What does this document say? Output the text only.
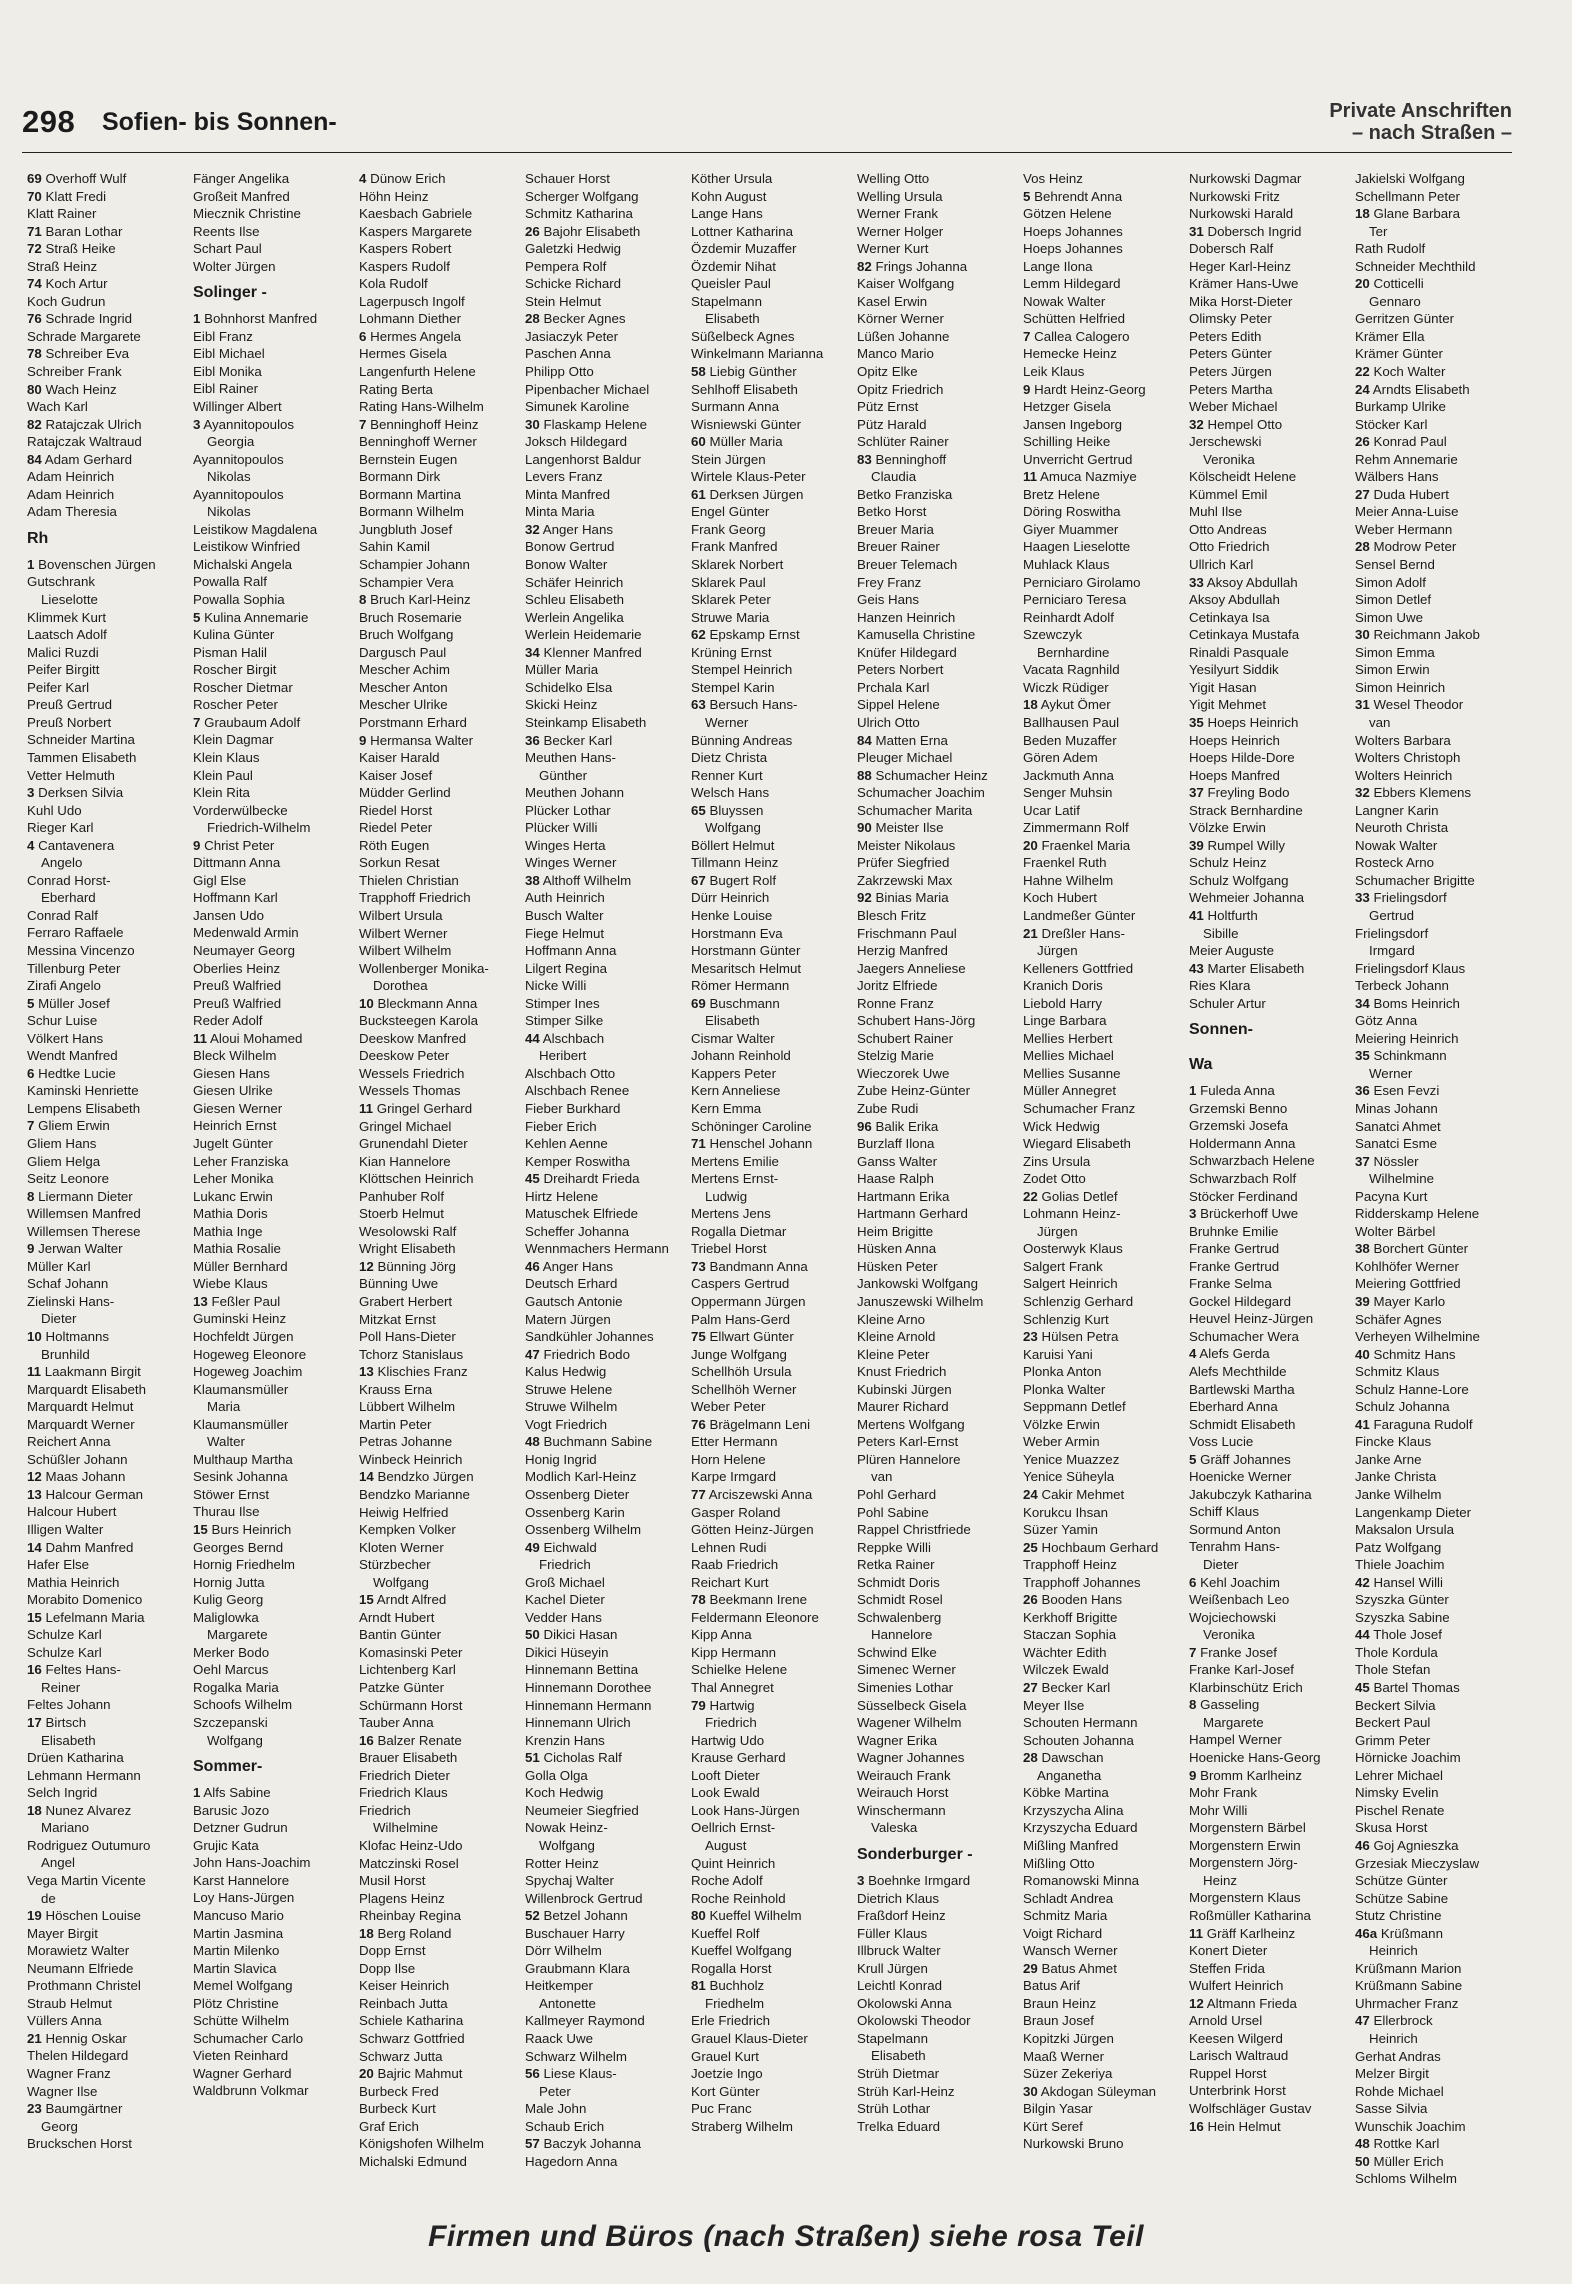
298 Sofien- bis Sonnen-	Private Anschriften
– nach Straßen –
69 Overhoff Wulf
70 Klatt Fredi
Klatt Rainer
71 Baran Lothar
72 Straß Heike
Straß Heinz
74 Koch Artur
Koch Gudrun
76 Schrade Ingrid
Schrade Margarete
78 Schreiber Eva
Schreiber Frank
80 Wach Heinz
Wach Karl
82 Ratajczak Ulrich
Ratajczak Waltraud
84 Adam Gerhard
Adam Heinrich
Adam Heinrich
Adam Theresia
Rh
1 Bovenschen Jürgen
Gutschrank
Lieselotte
Klimmek Kurt
Laatsch Adolf
Malici Ruzdi
Peifer Birgitt
Peifer Karl
Preuß Gertrud
Preuß Norbert
Schneider Martina
Tammen Elisabeth
Vetter Helmuth
3 Derksen Silvia
Kuhl Udo
Rieger Karl
4 Cantavenera
Angelo
Conrad Horst-
Eberhard
Conrad Ralf
Ferraro Raffaele
Messina Vincenzo
Tillenburg Peter
Zirafi Angelo
5 Müller Josef
Schur Luise
Völkert Hans
Wendt Manfred
6 Hedtke Lucie
Kaminski Henriette
Lempens Elisabeth
7 Gliem Erwin
Gliem Hans
Gliem Helga
Seitz Leonore
8 Liermann Dieter
Willemsen Manfred
Willemsen Therese
9 Jerwan Walter
Müller Karl
Schaf Johann
Zielinski Hans-
Dieter
10 Holtmanns
Brunhild
11 Laakmann Birgit
Marquardt Elisabeth
Marquardt Helmut
Marquardt Werner
Reichert Anna
Schüßler Johann
12 Maas Johann
13 Halcour German
Halcour Hubert
Illigen Walter
14 Dahm Manfred
Hafer Else
Mathia Heinrich
Morabito Domenico
15 Lefelmann Maria
Schulze Karl
Schulze Karl
16 Feltes Hans-
Reiner
Feltes Johann
17 Birtsch
Elisabeth
Drüen Katharina
Lehmann Hermann
Selch Ingrid
18 Nunez Alvarez
Mariano
Rodriguez Outumuro
Angel
Vega Martin Vicente
de
19 Höschen Louise
Mayer Birgit
Morawietz Walter
Neumann Elfriede
Prothmann Christel
Straub Helmut
Vüllers Anna
21 Hennig Oskar
Thelen Hildegard
Wagner Franz
Wagner Ilse
23 Baumgärtner
Georg
Bruckschen Horst
Fänger Angelika
Großeit Manfred
Miecznik Christine
Reents Ilse
Schart Paul
Wolter Jürgen
Solinger -
1 Bohnhorst Manfred
Eibl Franz
Eibl Michael
Eibl Monika
Eibl Rainer
Willinger Albert
3 Ayannitopoulos
Georgia
Ayannitopoulos
Nikolas
Ayannitopoulos
Nikolas
Leistikow Magdalena
Leistikow Winfried
Michalski Angela
Powalla Ralf
Powalla Sophia
5 Kulina Annemarie
Kulina Günter
Pisman Halil
Roscher Birgit
Roscher Dietmar
Roscher Peter
7 Graubaum Adolf
Klein Dagmar
Klein Klaus
Klein Paul
Klein Rita
Vorderwülbecke
Friedrich-Wilhelm
9 Christ Peter
Dittmann Anna
Gigl Else
Hoffmann Karl
Jansen Udo
Medenwald Armin
Neumayer Georg
Oberlies Heinz
Preuß Walfried
Preuß Walfried
Reder Adolf
11 Aloui Mohamed
Bleck Wilhelm
Giesen Hans
Giesen Ulrike
Giesen Werner
Heinrich Ernst
Jugelt Günter
Leher Franziska
Leher Monika
Lukanc Erwin
Mathia Doris
Mathia Inge
Mathia Rosalie
Müller Bernhard
Wiebe Klaus
13 Feßler Paul
Guminski Heinz
Hochfeldt Jürgen
Hogeweg Eleonore
Hogeweg Joachim
Klaumansmüller
Maria
Klaumansmüller
Walter
Multhaup Martha
Sesink Johanna
Stöwer Ernst
Thurau Ilse
15 Burs Heinrich
Georges Bernd
Hornig Friedhelm
Hornig Jutta
Kulig Georg
Maliglowka
Margarete
Merker Bodo
Oehl Marcus
Rogalka Maria
Schoofs Wilhelm
Szczepanski
Wolfgang
Sommer-
1 Alfs Sabine
Barusic Jozo
Detzner Gudrun
Grujic Kata
John Hans-Joachim
Karst Hannelore
Loy Hans-Jürgen
Mancuso Mario
Martin Jasmina
Martin Milenko
Martin Slavica
Memel Wolfgang
Plötz Christine
Schütte Wilhelm
Schumacher Carlo
Vieten Reinhard
Wagner Gerhard
Waldbrunn Volkmar
4 Dünow Erich
Höhn Heinz
Kaesbach Gabriele
Kaspers Margarete
Kaspers Robert
Kaspers Rudolf
Kola Rudolf
Lagerpusch Ingolf
Lohmann Diether
6 Hermes Angela
Hermes Gisela
Langenfurth Helene
Rating Berta
Rating Hans-Wilhelm
7 Benninghoff Heinz
Benninghoff Werner
Bernstein Eugen
Bormann Dirk
Bormann Martina
Bormann Wilhelm
Jungbluth Josef
Sahin Kamil
Schampier Johann
Schampier Vera
8 Bruch Karl-Heinz
Bruch Rosemarie
Bruch Wolfgang
Dargusch Paul
Mescher Achim
Mescher Anton
Mescher Ulrike
Porstmann Erhard
9 Hermansa Walter
Kaiser Harald
Kaiser Josef
Müdder Gerlind
Riedel Horst
Riedel Peter
Röth Eugen
Sorkun Resat
Thielen Christian
Trapphoff Friedrich
Wilbert Ursula
Wilbert Werner
Wilbert Wilhelm
Wollenberger Monika-
Dorothea
10 Bleckmann Anna
Bucksteegen Karola
Deeskow Manfred
Deeskow Peter
Wessels Friedrich
Wessels Thomas
11 Gringel Gerhard
Gringel Michael
Grunendahl Dieter
Kian Hannelore
Klöttschen Heinrich
Panhuber Rolf
Stoerb Helmut
Wesolowski Ralf
Wright Elisabeth
12 Bünning Jörg
Bünning Uwe
Grabert Herbert
Mitzkat Ernst
Poll Hans-Dieter
Tchorz Stanislaus
13 Klischies Franz
Krauss Erna
Lübbert Wilhelm
Martin Peter
Petras Johanne
Winbeck Heinrich
14 Bendzko Jürgen
Bendzko Marianne
Heiwig Helfried
Kempken Volker
Kloten Werner
Stürzbecher
Wolfgang
15 Arndt Alfred
Arndt Hubert
Bantin Günter
Komasinski Peter
Lichtenberg Karl
Patzke Günter
Schürmann Horst
Tauber Anna
16 Balzer Renate
Brauer Elisabeth
Friedrich Dieter
Friedrich Klaus
Friedrich
Wilhelmine
Klofac Heinz-Udo
Matczinski Rosel
Musil Horst
Plagens Heinz
Rheinbay Regina
18 Berg Roland
Dopp Ernst
Dopp Ilse
Keiser Heinrich
Reinbach Jutta
Schiele Katharina
Schwarz Gottfried
Schwarz Jutta
20 Bajric Mahmut
Burbeck Fred
Burbeck Kurt
Graf Erich
Königshofen Wilhelm
Michalski Edmund
Schauer Horst
Scherger Wolfgang
Schmitz Katharina
26 Bajohr Elisabeth
Galetzki Hedwig
Pempera Rolf
Schicke Richard
Stein Helmut
28 Becker Agnes
Jasiaczyk Peter
Paschen Anna
Philipp Otto
Pipenbacher Michael
Simunek Karoline
30 Flaskamp Helene
Joksch Hildegard
Langenhorst Baldur
Levers Franz
Minta Manfred
Minta Maria
32 Anger Hans
Bonow Gertrud
Bonow Walter
Schäfer Heinrich
Schleu Elisabeth
Werlein Angelika
Werlein Heidemarie
34 Klenner Manfred
Müller Maria
Schidelko Elsa
Skicki Heinz
Steinkamp Elisabeth
36 Becker Karl
Meuthen Hans-
Günther
Meuthen Johann
Plücker Lothar
Plücker Willi
Winges Herta
Winges Werner
38 Althoff Wilhelm
Auth Heinrich
Busch Walter
Fiege Helmut
Hoffmann Anna
Lilgert Regina
Nicke Willi
Stimper Ines
Stimper Silke
44 Alschbach
Heribert
Alschbach Otto
Alschbach Renee
Fieber Burkhard
Fieber Erich
Kehlen Aenne
Kemper Roswitha
45 Dreihardt Frieda
Hirtz Helene
Matuschek Elfriede
Scheffer Johanna
Wennmachers Hermann
46 Anger Hans
Deutsch Erhard
Gautsch Antonie
Matern Jürgen
Sandkühler Johannes
47 Friedrich Bodo
Kalus Hedwig
Struwe Helene
Struwe Wilhelm
Vogt Friedrich
48 Buchmann Sabine
Honig Ingrid
Modlich Karl-Heinz
Ossenberg Dieter
Ossenberg Karin
Ossenberg Wilhelm
49 Eichwald
Friedrich
Groß Michael
Kachel Dieter
Vedder Hans
50 Dikici Hasan
Dikici Hüseyin
Hinnemann Bettina
Hinnemann Dorothee
Hinnemann Hermann
Hinnemann Ulrich
Krenzin Hans
51 Cicholas Ralf
Golla Olga
Koch Hedwig
Neumeier Siegfried
Nowak Heinz-
Wolfgang
Rotter Heinz
Spychaj Walter
Willenbrock Gertrud
52 Betzel Johann
Buschauer Harry
Dörr Wilhelm
Graubmann Klara
Heitkemper
Antonette
Kallmeyer Raymond
Raack Uwe
Schwarz Wilhelm
56 Liese Klaus-
Peter
Male John
Schaub Erich
57 Baczyk Johanna
Hagedorn Anna
Köther Ursula
Kohn August
Lange Hans
Lottner Katharina
Özdemir Muzaffer
Özdemir Nihat
Queisler Paul
Stapelmann
Elisabeth
Süßelbeck Agnes
Winkelmann Marianna
58 Liebig Günther
Sehlhoff Elisabeth
Surmann Anna
Wisniewski Günter
60 Müller Maria
Stein Jürgen
Wirtele Klaus-Peter
61 Derksen Jürgen
Engel Günter
Frank Georg
Frank Manfred
Sklarek Norbert
Sklarek Paul
Sklarek Peter
Struwe Maria
62 Epskamp Ernst
Krüning Ernst
Stempel Heinrich
Stempel Karin
63 Bersuch Hans-
Werner
Bünning Andreas
Dietz Christa
Renner Kurt
Welsch Hans
65 Bluyssen
Wolfgang
Böllert Helmut
Tillmann Heinz
67 Bugert Rolf
Dürr Heinrich
Henke Louise
Horstmann Eva
Horstmann Günter
Mesaritsch Helmut
Römer Hermann
69 Buschmann
Elisabeth
Cismar Walter
Johann Reinhold
Kappers Peter
Kern Anneliese
Kern Emma
Schöninger Caroline
71 Henschel Johann
Mertens Emilie
Mertens Ernst-
Ludwig
Mertens Jens
Rogalla Dietmar
Triebel Horst
73 Bandmann Anna
Caspers Gertrud
Oppermann Jürgen
Palm Hans-Gerd
75 Ellwart Günter
Junge Wolfgang
Schellhöh Ursula
Schellhöh Werner
Weber Peter
76 Brägelmann Leni
Etter Hermann
Horn Helene
Karpe Irmgard
77 Arciszewski Anna
Gasper Roland
Götten Heinz-Jürgen
Lehnen Rudi
Raab Friedrich
Reichart Kurt
78 Beekmann Irene
Feldermann Eleonore
Kipp Anna
Kipp Hermann
Schielke Helene
Thal Annegret
79 Hartwig
Friedrich
Hartwig Udo
Krause Gerhard
Looft Dieter
Look Ewald
Look Hans-Jürgen
Oellrich Ernst-
August
Quint Heinrich
Roche Adolf
Roche Reinhold
80 Kueffel Wilhelm
Kueffel Rolf
Kueffel Wolfgang
Rogalla Horst
81 Buchholz
Friedhelm
Erle Friedrich
Grauel Klaus-Dieter
Grauel Kurt
Joetzie Ingo
Kort Günter
Puc Franc
Straberg Wilhelm
Welling Otto
Welling Ursula
Werner Frank
Werner Holger
Werner Kurt
82 Frings Johanna
Kaiser Wolfgang
Kasel Erwin
Körner Werner
Lüßen Johanne
Manco Mario
Opitz Elke
Opitz Friedrich
Pütz Ernst
Pütz Harald
Schlüter Rainer
83 Benninghoff
Claudia
Betko Franziska
Betko Horst
Breuer Maria
Breuer Rainer
Breuer Telemach
Frey Franz
Geis Hans
Hanzen Heinrich
Kamusella Christine
Knüfer Hildegard
Peters Norbert
Prchala Karl
Sippel Helene
Ulrich Otto
84 Matten Erna
Pleuger Michael
88 Schumacher Heinz
Schumacher Joachim
Schumacher Marita
90 Meister Ilse
Meister Nikolaus
Prüfer Siegfried
Zakrzewski Max
92 Binias Maria
Blesch Fritz
Frischmann Paul
Herzig Manfred
Jaegers Anneliese
Joritz Elfriede
Ronne Franz
Schubert Hans-Jörg
Schubert Rainer
Stelzig Marie
Wieczorek Uwe
Zube Heinz-Günter
Zube Rudi
96 Balik Erika
Burzlaff Ilona
Ganss Walter
Haase Ralph
Hartmann Erika
Hartmann Gerhard
Heim Brigitte
Hüsken Anna
Hüsken Peter
Jankowski Wolfgang
Januszewski Wilhelm
Kleine Arno
Kleine Arnold
Kleine Peter
Knust Friedrich
Kubinski Jürgen
Maurer Richard
Mertens Wolfgang
Peters Karl-Ernst
Plüren Hannelore
van
Pohl Gerhard
Pohl Sabine
Rappel Christfriede
Reppke Willi
Retka Rainer
Schmidt Doris
Schmidt Rosel
Schwalenberg
Hannelore
Schwind Elke
Simenec Werner
Simenies Lothar
Süsselbeck Gisela
Wagener Wilhelm
Wagner Erika
Wagner Johannes
Weirauch Frank
Weirauch Horst
Winschermann
Valeska
Sonderburger -
3 Boehnke Irmgard
Dietrich Klaus
Fraßdorf Heinz
Füller Klaus
Illbruck Walter
Krull Jürgen
Leichtl Konrad
Okolowski Anna
Okolowski Theodor
Stapelmann
Elisabeth
Strüh Dietmar
Strüh Karl-Heinz
Strüh Lothar
Trelka Eduard
Vos Heinz
5 Behrendt Anna
Götzen Helene
Hoeps Johannes
Hoeps Johannes
Lange Ilona
Lemm Hildegard
Nowak Walter
Schütten Helfried
7 Callea Calogero
Hemecke Heinz
Leik Klaus
9 Hardt Heinz-Georg
Hetzger Gisela
Jansen Ingeborg
Schilling Heike
Unverricht Gertrud
11 Amuca Nazmiye
Bretz Helene
Döring Roswitha
Giyer Muammer
Haagen Lieselotte
Muhlack Klaus
Perniciaro Girolamo
Perniciaro Teresa
Reinhardt Adolf
Szewczyk
Bernhardine
Vacata Ragnhild
Wiczk Rüdiger
18 Aykut Ömer
Ballhausen Paul
Beden Muzaffer
Gören Adem
Jackmuth Anna
Senger Muhsin
Ucar Latif
Zimmermann Rolf
20 Fraenkel Maria
Fraenkel Ruth
Hahne Wilhelm
Koch Hubert
Landmeßer Günter
21 Dreßler Hans-
Jürgen
Kelleners Gottfried
Kranich Doris
Liebold Harry
Linge Barbara
Mellies Herbert
Mellies Michael
Mellies Susanne
Müller Annegret
Schumacher Franz
Wick Hedwig
Wiegard Elisabeth
Zins Ursula
Zodet Otto
22 Golias Detlef
Lohmann Heinz-
Jürgen
Oosterwyk Klaus
Salgert Frank
Salgert Heinrich
Schlenzig Gerhard
Schlenzig Kurt
23 Hülsen Petra
Karuisi Yani
Plonka Anton
Plonka Walter
Seppmann Detlef
Völzke Erwin
Weber Armin
Yenice Muazzez
Yenice Süheyla
24 Cakir Mehmet
Korukcu Ihsan
Süzer Yamin
25 Hochbaum Gerhard
Trapphoff Heinz
Trapphoff Johannes
26 Booden Hans
Kerkhoff Brigitte
Staczan Sophia
Wächter Edith
Wilczek Ewald
27 Becker Karl
Meyer Ilse
Schouten Hermann
Schouten Johanna
28 Dawschan
Anganetha
Köbke Martina
Krzyszycha Alina
Krzyszycha Eduard
Mißling Manfred
Mißling Otto
Romanowski Minna
Schladt Andrea
Schmitz Maria
Voigt Richard
Wansch Werner
29 Batus Ahmet
Batus Arif
Braun Heinz
Braun Josef
Kopitzki Jürgen
Maaß Werner
Süzer Zekeriya
30 Akdogan Süleyman
Bilgin Yasar
Kürt Seref
Nurkowski Bruno
Nurkowski Dagmar
Nurkowski Fritz
Nurkowski Harald
31 Dobersch Ingrid
Dobersch Ralf
Heger Karl-Heinz
Krämer Hans-Uwe
Mika Horst-Dieter
Olimsky Peter
Peters Edith
Peters Günter
Peters Jürgen
Peters Martha
Weber Michael
32 Hempel Otto
Jerschewski
Veronika
Kölscheidt Helene
Kümmel Emil
Muhl Ilse
Otto Andreas
Otto Friedrich
Ullrich Karl
33 Aksoy Abdullah
Aksoy Abdullah
Cetinkaya Isa
Cetinkaya Mustafa
Rinaldi Pasquale
Yesilyurt Siddik
Yigit Hasan
Yigit Mehmet
35 Hoeps Heinrich
Hoeps Heinrich
Hoeps Hilde-Dore
Hoeps Manfred
37 Freyling Bodo
Strack Bernhardine
Völzke Erwin
39 Rumpel Willy
Schulz Heinz
Schulz Wolfgang
Wehmeier Johanna
41 Holtfurth
Sibille
Meier Auguste
43 Marter Elisabeth
Ries Klara
Schuler Artur
Sonnen-
Wa
1 Fuleda Anna
Grzemski Benno
Grzemski Josefa
Holdermann Anna
Schwarzbach Helene
Schwarzbach Rolf
Stöcker Ferdinand
3 Brückerhoff Uwe
Bruhnke Emilie
Franke Gertrud
Franke Gertrud
Franke Selma
Gockel Hildegard
Heuvel Heinz-Jürgen
Schumacher Wera
4 Alefs Gerda
Alefs Mechthilde
Bartlewski Martha
Eberhard Anna
Schmidt Elisabeth
Voss Lucie
5 Gräff Johannes
Hoenicke Werner
Jakubczyk Katharina
Schiff Klaus
Sormund Anton
Tenrahm Hans-
Dieter
6 Kehl Joachim
Weißenbach Leo
Wojciechowski
Veronika
7 Franke Josef
Franke Karl-Josef
Klarbinschütz Erich
8 Gasseling
Margarete
Hampel Werner
Hoenicke Hans-Georg
9 Bromm Karlheinz
Mohr Frank
Mohr Willi
Morgenstern Bärbel
Morgenstern Erwin
Morgenstern Jörg-
Heinz
Morgenstern Klaus
Roßmüller Katharina
11 Gräff Karlheinz
Konert Dieter
Steffen Frida
Wulfert Heinrich
12 Altmann Frieda
Arnold Ursel
Keesen Wilgerd
Larisch Waltraud
Ruppel Horst
Unterbrink Horst
Wolfschläger Gustav
16 Hein Helmut
Jakielski Wolfgang
Schellmann Peter
18 Glane Barbara
Ter
Rath Rudolf
Schneider Mechthild
20 Cotticelli
Gennaro
Gerritzen Günter
Krämer Ella
Krämer Günter
22 Koch Walter
24 Arndts Elisabeth
Burkamp Ulrike
Stöcker Karl
26 Konrad Paul
Rehm Annemarie
Wälbers Hans
27 Duda Hubert
Meier Anna-Luise
Weber Hermann
28 Modrow Peter
Sensel Bernd
Simon Adolf
Simon Detlef
Simon Uwe
30 Reichmann Jakob
Simon Emma
Simon Erwin
Simon Heinrich
31 Wesel Theodor
van
Wolters Barbara
Wolters Christoph
Wolters Heinrich
32 Ebbers Klemens
Langner Karin
Neuroth Christa
Nowak Walter
Rosteck Arno
Schumacher Brigitte
33 Frielingsdorf
Gertrud
Frielingsdorf
Irmgard
Frielingsdorf Klaus
Terbeck Johann
34 Boms Heinrich
Götz Anna
Meiering Heinrich
35 Schinkmann
Werner
36 Esen Fevzi
Minas Johann
Sanatci Ahmet
Sanatci Esme
37 Nössler
Wilhelmine
Pacyna Kurt
Ridderskamp Helene
Wolter Bärbel
38 Borchert Günter
Kohlhöfer Werner
Meiering Gottfried
39 Mayer Karlo
Schäfer Agnes
Verheyen Wilhelmine
40 Schmitz Hans
Schmitz Klaus
Schulz Hanne-Lore
Schulz Johanna
41 Faraguna Rudolf
Fincke Klaus
Janke Arne
Janke Christa
Janke Wilhelm
Langenkamp Dieter
Maksalon Ursula
Patz Wolfgang
Thiele Joachim
42 Hansel Willi
Szyszka Günter
Szyszka Sabine
44 Thole Josef
Thole Kordula
Thole Stefan
45 Bartel Thomas
Beckert Silvia
Beckert Paul
Grimm Peter
Hörnicke Joachim
Lehrer Michael
Nimsky Evelin
Pischel Renate
Skusa Horst
46 Goj Agnieszka
Grzesiak Mieczyslaw
Schütze Günter
Schütze Sabine
Stutz Christine
46a Krüßmann
Heinrich
Krüßmann Marion
Krüßmann Sabine
Uhrmacher Franz
47 Ellerbrock
Heinrich
Gerhat Andras
Melzer Birgit
Rohde Michael
Sasse Silvia
Wunschik Joachim
48 Rottke Karl
50 Müller Erich
Schloms Wilhelm
Firmen und Büros (nach Straßen) siehe rosa Teil
